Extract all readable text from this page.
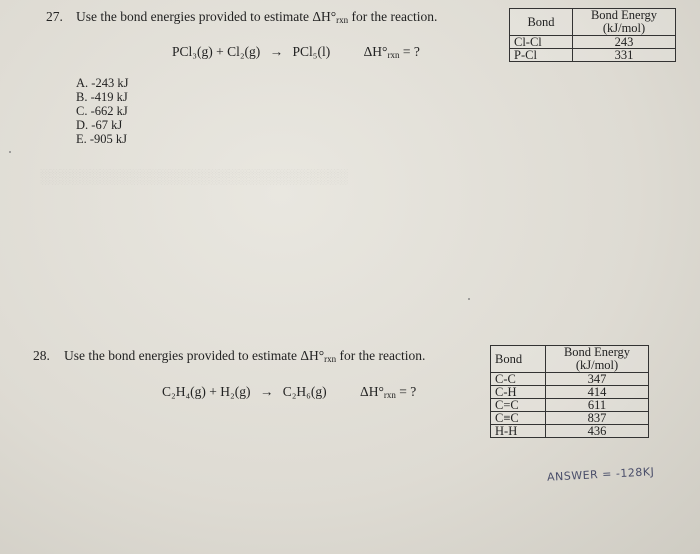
░░░░░░░░░░░░░░░░░░░░░░░░░░░░░░░
27. Use the bond energies provided to estimate $\Delta H^\circ_{rxn}$ for the reaction.
PCl₃(g) + Cl₂(g) → PCl₅(l) $\Delta H^\circ_{rxn}$ = ?
A. -243 kJ
B. -419 kJ
C. -662 kJ
D. -67 kJ
E. -905 kJ
Bond	Bond Energy
(kJ/mol)

Cl-Cl	243
P-Cl	331
28. Use the bond energies provided to estimate $\Delta H^\circ_{rxn}$ for the reaction.
C₂H₄(g) + H₂(g) → C₂H₆(g) $\Delta H^\circ_{rxn}$ = ?
Bond	Bond Energy
(kJ/mol)

C-C	347
C-H	414
C=C	611
C≡C	837
H-H	436
ANSWER = -128KJ
